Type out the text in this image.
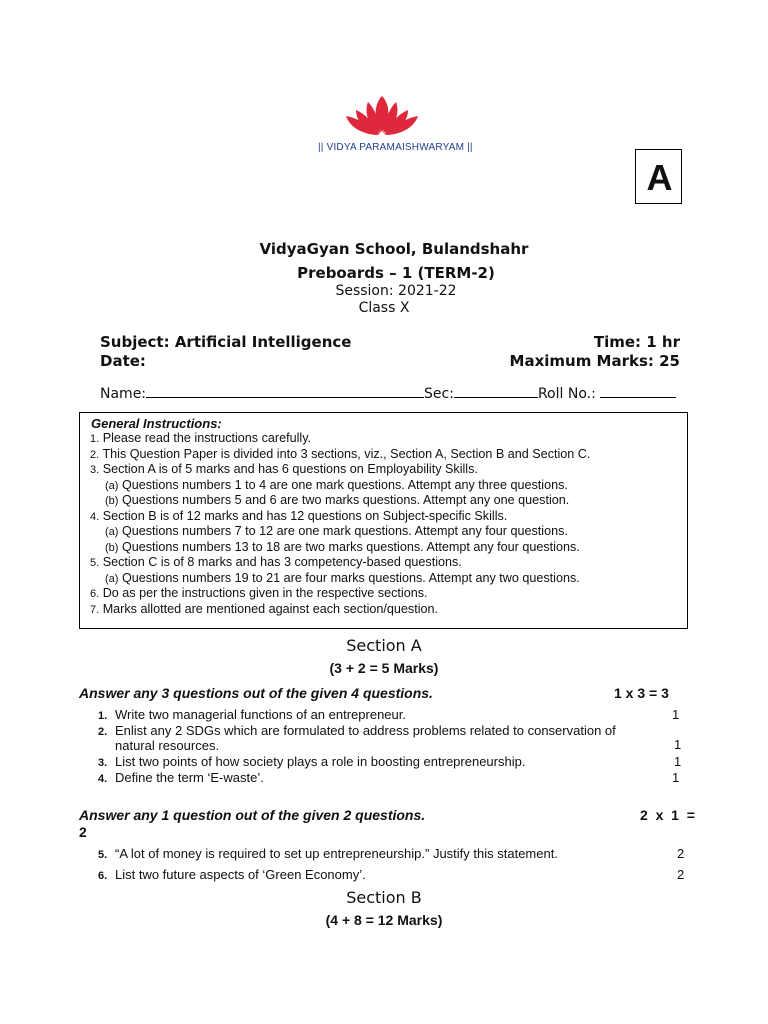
|| VIDYA PARAMAISHWARYAM ||
A
VidyaGyan School, Bulandshahr
Preboards – 1 (TERM-2)
Session: 2021-22
Class X
Subject: Artificial Intelligence	Time: 1 hr
Date:	Maximum Marks: 25
Name:	Sec:	Roll No.:
General Instructions:
1. Please read the instructions carefully.
2. This Question Paper is divided into 3 sections, viz., Section A, Section B and Section C.
3. Section A is of 5 marks and has 6 questions on Employability Skills.
(a) Questions numbers 1 to 4 are one mark questions. Attempt any three questions.
(b) Questions numbers 5 and 6 are two marks questions. Attempt any one question.
4. Section B is of 12 marks and has 12 questions on Subject-specific Skills.
(a) Questions numbers 7 to 12 are one mark questions. Attempt any four questions.
(b) Questions numbers 13 to 18 are two marks questions. Attempt any four questions.
5. Section C is of 8 marks and has 3 competency-based questions.
(a) Questions numbers 19 to 21 are four marks questions. Attempt any two questions.
6. Do as per the instructions given in the respective sections.
7. Marks allotted are mentioned against each section/question.
Section A
(3 + 2 = 5 Marks)
Answer any 3 questions out of the given 4 questions.	1 x 3 = 3
1. Write two managerial functions of an entrepreneur.	1
2. Enlist any 2 SDGs which are formulated to address problems related to conservation of
natural resources.	1
3. List two points of how society plays a role in boosting entrepreneurship.	1
4. Define the term ‘E-waste’.	1
Answer any 1 question out of the given 2 questions.	2  x  1  =
2
5. “A lot of money is required to set up entrepreneurship.” Justify this statement.	2
6. List two future aspects of ‘Green Economy’.	2
Section B
(4 + 8 = 12 Marks)
